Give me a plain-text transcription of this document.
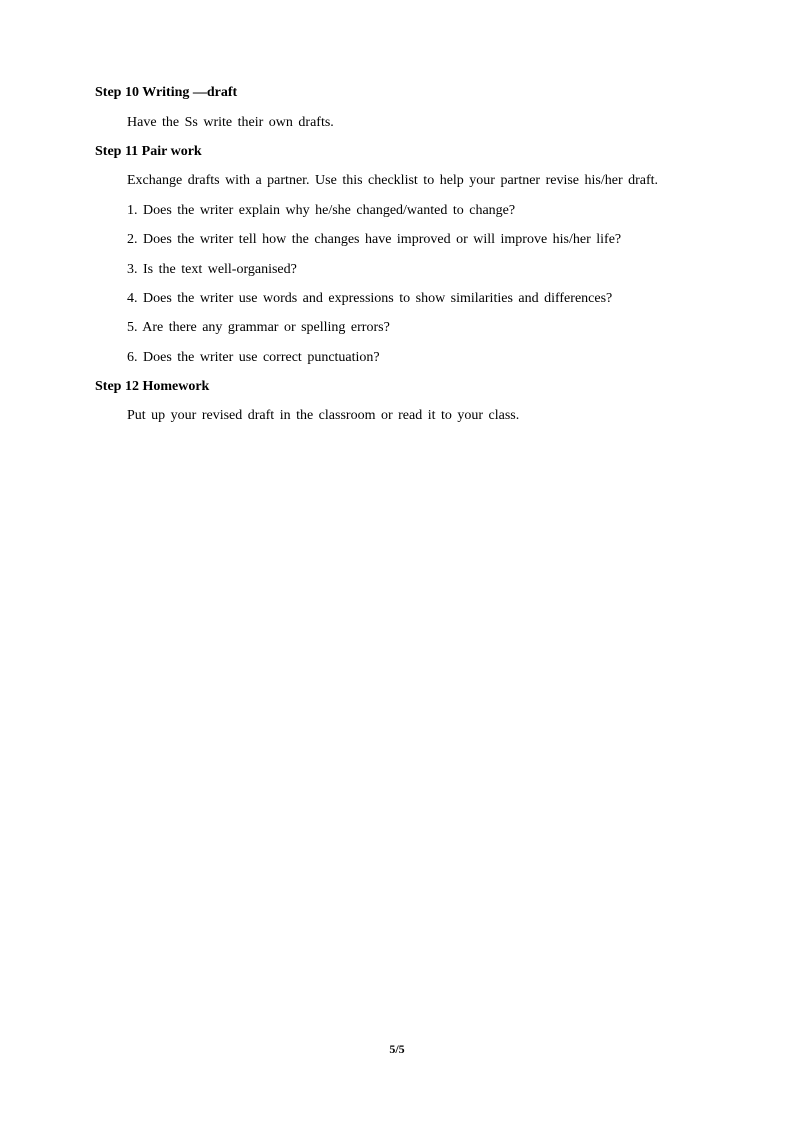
Step 10 Writing —draft
Have the Ss write their own drafts.
Step 11 Pair work
Exchange drafts with a partner. Use this checklist to help your partner revise his/her draft.
1. Does the writer explain why he/she changed/wanted to change?
2. Does the writer tell how the changes have improved or will improve his/her life?
3. Is the text well-organised?
4. Does the writer use words and expressions to show similarities and differences?
5. Are there any grammar or spelling errors?
6. Does the writer use correct punctuation?
Step 12 Homework
Put up your revised draft in the classroom or read it to your class.
5/5
